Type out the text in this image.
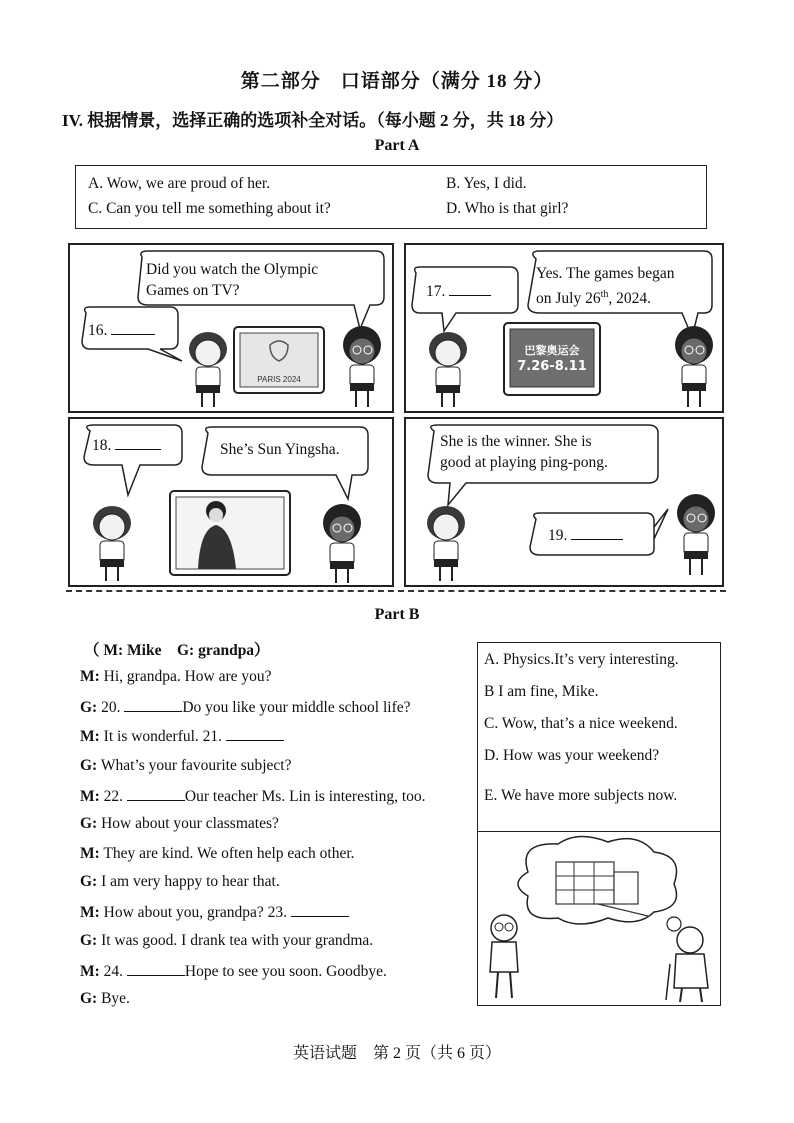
第二部分　口语部分（满分 18 分）
IV. 根据情景，选择正确的选项补全对话。（每小题 2 分，共 18 分）
Part A
A. Wow, we are proud of her.	B. Yes, I did.
C. Can you tell me something about it?	D. Who is that girl?
Did you watch the Olympic
Games on TV?
16.
PARIS 2024
Yes. The games began
on July 26th, 2024.
17.
巴黎奥运会
7.26-8.11
18.	She’s Sun Yingsha.	She is the winner. She is
good at playing ping-pong.
19.
Part B
（ M: Mike　G: grandpa）
M: Hi, grandpa. How are you?
G: 20.	Do you like your middle school life?
M: It is wonderful. 21.
G: What’s your favourite subject?
M: 22.	Our teacher Ms. Lin is interesting, too.
G: How about your classmates?
M: They are kind. We often help each other.
G: I am very happy to hear that.
M: How about you, grandpa? 23.
G: It was good. I drank tea with your grandma.
M: 24.	Hope to see you soon. Goodbye.
G: Bye.
A. Physics.It’s very interesting.
B I am fine, Mike.
C. Wow, that’s a nice weekend.
D. How was your weekend?
E. We have more subjects now.
英语试题　第 2 页（共 6 页）
